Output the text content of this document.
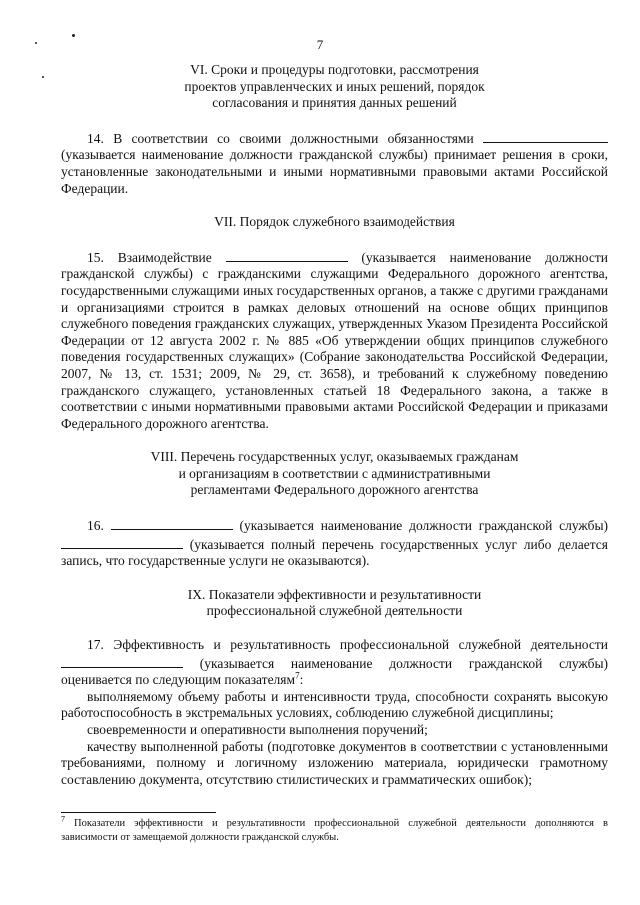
7

VI. Сроки и процедуры подготовки, рассмотрения

проектов управленческих и иных решений, порядок

согласования и принятия данных решений

14. В соответствии со своими должностными обязанностями  (указывается наименование должности гражданской службы) принимает решения в сроки, установленные законодательными и иными нормативными правовыми актами Российской Федерации.

VII. Порядок служебного взаимодействия

15. Взаимодействие	(указывается наименование должности гражданской службы) с гражданскими служащими Федерального дорожного агентства, государственными служащими иных государственных органов, а также с другими гражданами и организациями строится в рамках деловых отношений на основе общих принципов служебного поведения гражданских служащих, утвержденных Указом Президента Российской Федерации от 12 августа 2002 г. № 885 «Об утверждении общих принципов служебного поведения государственных служащих» (Собрание законодательства Российской Федерации, 2007, № 13, ст. 1531; 2009, № 29, ст. 3658), и требований к служебному поведению гражданского служащего, установленных статьей 18 Федерального закона, а также в соответствии с иными нормативными правовыми актами Российской Федерации и приказами Федерального дорожного агентства.

VIII. Перечень государственных услуг, оказываемых гражданам

и организациям в соответствии с административными

регламентами Федерального дорожного агентства

16.	(указывается наименование должности гражданской службы)  (указывается полный перечень государственных услуг либо делается запись, что государственные услуги не оказываются).

IX. Показатели эффективности и результативности

профессиональной служебной деятельности

17. Эффективность и результативность профессиональной служебной деятельности  (указывается наименование должности гражданской службы) оценивается по следующим показателям$^7$:

выполняемому объему работы и интенсивности труда, способности сохранять высокую работоспособность в экстремальных условиях, соблюдению служебной дисциплины;

своевременности и оперативности выполнения поручений;

качеству выполненной работы (подготовке документов в соответствии с установленными требованиями, полному и логичному изложению материала, юридически грамотному составлению документа, отсутствию стилистических и грамматических ошибок);

$^7$ Показатели эффективности и результативности профессиональной служебной деятельности дополняются в зависимости от замещаемой должности гражданской службы.
